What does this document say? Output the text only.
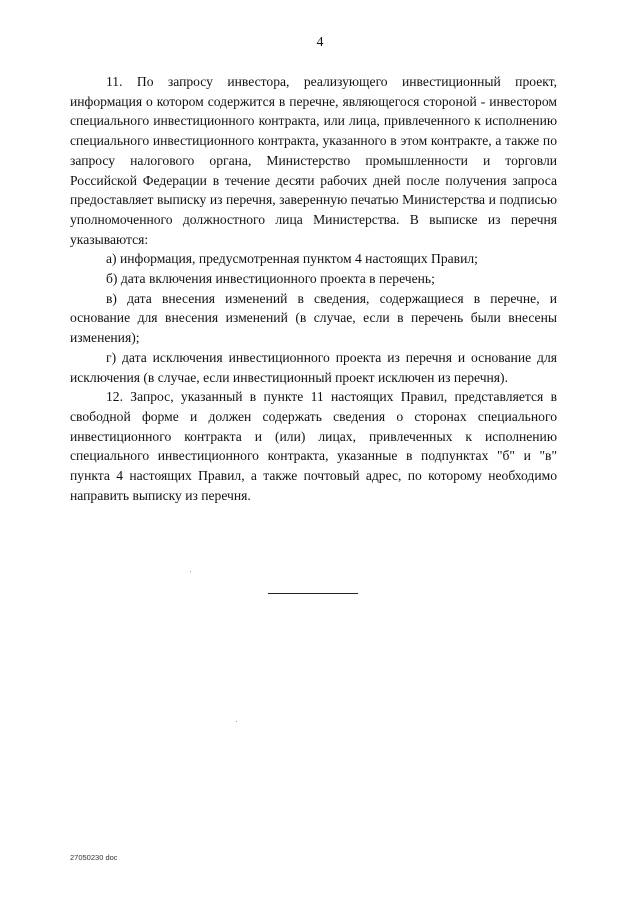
4

11. По запросу инвестора, реализующего инвестиционный проект, информация о котором содержится в перечне, являющегося стороной - инвестором специального инвестиционного контракта, или лица, привлеченного к исполнению специального инвестиционного контракта, указанного в этом контракте, а также по запросу налогового органа, Министерство промышленности и торговли Российской Федерации в течение десяти рабочих дней после получения запроса предоставляет выписку из перечня, заверенную печатью Министерства и подписью уполномоченного должностного лица Министерства. В выписке из перечня указываются:

а) информация, предусмотренная пунктом 4 настоящих Правил;

б) дата включения инвестиционного проекта в перечень;

в) дата внесения изменений в сведения, содержащиеся в перечне, и основание для внесения изменений (в случае, если в перечень были внесены изменения);

г) дата исключения инвестиционного проекта из перечня и основание для исключения (в случае, если инвестиционный проект исключен из перечня).

12. Запрос, указанный в пункте 11 настоящих Правил, представляется в свободной форме и должен содержать сведения о сторонах специального инвестиционного контракта и (или) лицах, привлеченных к исполнению специального инвестиционного контракта, указанные в подпунктах "б" и "в" пункта 4 настоящих Правил, а также почтовый адрес, по которому необходимо направить выписку из перечня.

27050230 doc
